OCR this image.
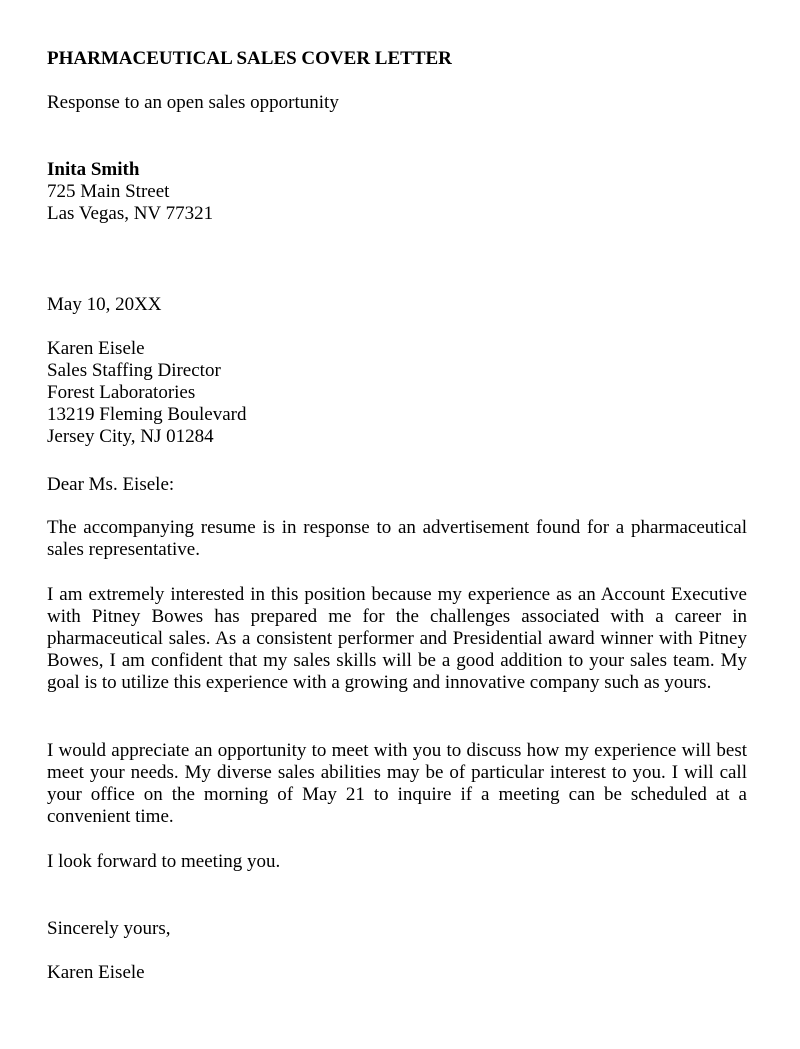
PHARMACEUTICAL SALES COVER LETTER
Response to an open sales opportunity
Inita Smith
725 Main Street
Las Vegas, NV 77321
May 10, 20XX
Karen Eisele
Sales Staffing Director
Forest Laboratories
13219 Fleming Boulevard
Jersey City, NJ 01284
Dear Ms. Eisele:
The accompanying resume is in response to an advertisement found for a pharmaceutical sales representative.
I am extremely interested in this position because my experience as an Account Executive with Pitney Bowes has prepared me for the challenges associated with a career in pharmaceutical sales. As a consistent performer and Presidential award winner with Pitney Bowes, I am confident that my sales skills will be a good addition to your sales team. My goal is to utilize this experience with a growing and innovative company such as yours.
I would appreciate an opportunity to meet with you to discuss how my experience will best meet your needs. My diverse sales abilities may be of particular interest to you. I will call your office on the morning of May 21 to inquire if a meeting can be scheduled at a convenient time.
I look forward to meeting you.
Sincerely yours,
Karen Eisele
